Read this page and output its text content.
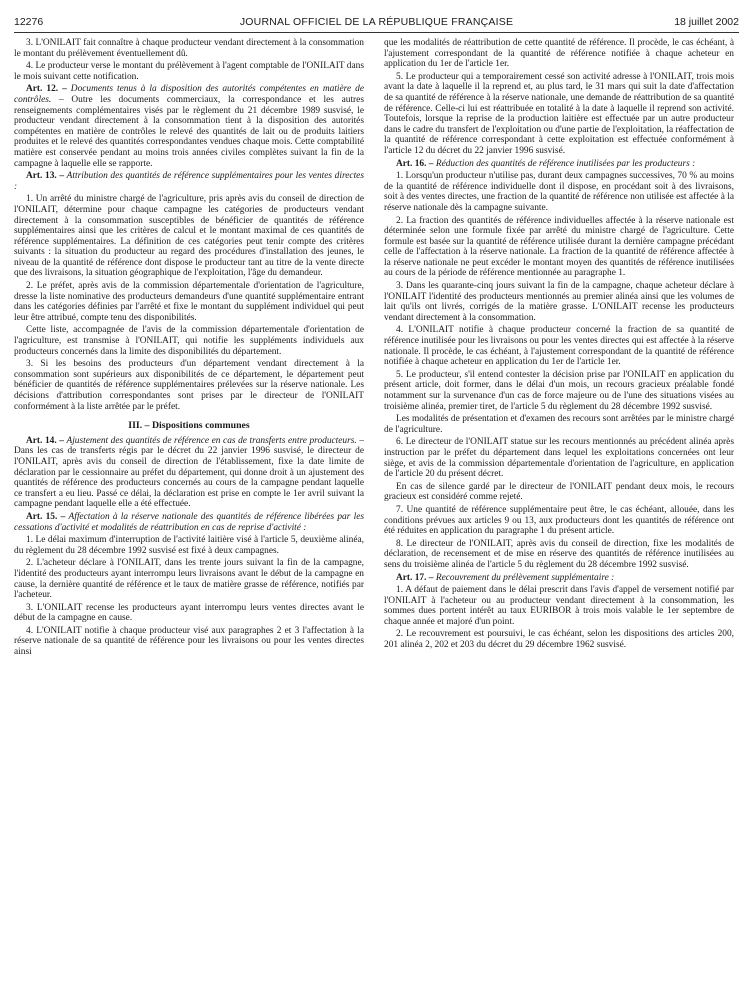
12276	JOURNAL OFFICIEL DE LA RÉPUBLIQUE FRANÇAISE	18 juillet 2002

3. L'ONILAIT fait connaître à chaque producteur vendant directement à la consommation le montant du prélèvement éventuellement dû.

4. Le producteur verse le montant du prélèvement à l'agent comptable de l'ONILAIT dans le mois suivant cette notification.

Art. 12. – Documents tenus à la disposition des autorités compétentes en matière de contrôles. – Outre les documents commerciaux, la correspondance et les autres renseignements complémentaires visés par le règlement du 21 décembre 1989 susvisé, le producteur vendant directement à la consommation tient à la disposition des autorités compétentes en matière de contrôles le relevé des quantités de lait ou de produits laitiers produites et le relevé des quantités correspondantes vendues chaque mois. Cette comptabilité matière est conservée pendant au moins trois années civiles complètes suivant la fin de la campagne à laquelle elle se rapporte.

Art. 13. – Attribution des quantités de référence supplémentaires pour les ventes directes :

1. Un arrêté du ministre chargé de l'agriculture, pris après avis du conseil de direction de l'ONILAIT, détermine pour chaque campagne les catégories de producteurs vendant directement à la consommation susceptibles de bénéficier de quantités de référence supplémentaires ainsi que les critères de calcul et le montant maximal de ces quantités de référence supplémentaires. La définition de ces catégories peut tenir compte des critères suivants : la situation du producteur au regard des procédures d'installation des jeunes, le niveau de la quantité de référence dont dispose le producteur tant au titre de la vente directe que des livraisons, la situation géographique de l'exploitation, l'âge du demandeur.

2. Le préfet, après avis de la commission départementale d'orientation de l'agriculture, dresse la liste nominative des producteurs demandeurs d'une quantité supplémentaire entrant dans les catégories définies par l'arrêté et fixe le montant du supplément individuel qui peut leur être attribué, compte tenu des disponibilités.

Cette liste, accompagnée de l'avis de la commission départementale d'orientation de l'agriculture, est transmise à l'ONILAIT, qui notifie les suppléments individuels aux producteurs concernés dans la limite des disponibilités du département.

3. Si les besoins des producteurs d'un département vendant directement à la consommation sont supérieurs aux disponibilités de ce département, le département peut bénéficier de quantités de référence supplémentaires prélevées sur la réserve nationale. Les décisions d'attribution correspondantes sont prises par le directeur de l'ONILAIT conformément à la liste arrêtée par le préfet.

III. – Dispositions communes

Art. 14. – Ajustement des quantités de référence en cas de transferts entre producteurs. – Dans les cas de transferts régis par le décret du 22 janvier 1996 susvisé, le directeur de l'ONILAIT, après avis du conseil de direction de l'établissement, fixe la date limite de déclaration par le cessionnaire au préfet du département, qui donne droit à un ajustement des quantités de référence des producteurs concernés au cours de la campagne pendant laquelle ce transfert a eu lieu. Passé ce délai, la déclaration est prise en compte le 1er avril suivant la campagne pendant laquelle elle a été effectuée.

Art. 15. – Affectation à la réserve nationale des quantités de référence libérées par les cessations d'activité et modalités de réattribution en cas de reprise d'activité :

1. Le délai maximum d'interruption de l'activité laitière visé à l'article 5, deuxième alinéa, du règlement du 28 décembre 1992 susvisé est fixé à deux campagnes.

2. L'acheteur déclare à l'ONILAIT, dans les trente jours suivant la fin de la campagne, l'identité des producteurs ayant interrompu leurs livraisons avant le début de la campagne en cause, la dernière quantité de référence et le taux de matière grasse de référence, notifiés par l'acheteur.

3. L'ONILAIT recense les producteurs ayant interrompu leurs ventes directes avant le début de la campagne en cause.

4. L'ONILAIT notifie à chaque producteur visé aux paragraphes 2 et 3 l'affectation à la réserve nationale de sa quantité de référence pour les livraisons ou pour les ventes directes ainsi

que les modalités de réattribution de cette quantité de référence. Il procède, le cas échéant, à l'ajustement correspondant de la quantité de référence notifiée à chaque acheteur en application du 1er de l'article 1er.

5. Le producteur qui a temporairement cessé son activité adresse à l'ONILAIT, trois mois avant la date à laquelle il la reprend et, au plus tard, le 31 mars qui suit la date d'affectation de sa quantité de référence à la réserve nationale, une demande de réattribution de sa quantité de référence. Celle-ci lui est réattribuée en totalité à la date à laquelle il reprend son activité. Toutefois, lorsque la reprise de la production laitière est effectuée par un autre producteur dans le cadre du transfert de l'exploitation ou d'une partie de l'exploitation, la réaffectation de la quantité de référence correspondant à cette exploitation est effectuée conformément à l'article 12 du décret du 22 janvier 1996 susvisé.

Art. 16. – Réduction des quantités de référence inutilisées par les producteurs :

1. Lorsqu'un producteur n'utilise pas, durant deux campagnes successives, 70 % au moins de la quantité de référence individuelle dont il dispose, en procédant soit à des livraisons, soit à des ventes directes, une fraction de la quantité de référence non utilisée est affectée à la réserve nationale dès la campagne suivante.

2. La fraction des quantités de référence individuelles affectée à la réserve nationale est déterminée selon une formule fixée par arrêté du ministre chargé de l'agriculture. Cette formule est basée sur la quantité de référence utilisée durant la dernière campagne précédant celle de l'affectation à la réserve nationale. La fraction de la quantité de référence affectée à la réserve nationale ne peut excéder le montant moyen des quantités de référence inutilisées au cours de la période de référence mentionnée au paragraphe 1.

3. Dans les quarante-cinq jours suivant la fin de la campagne, chaque acheteur déclare à l'ONILAIT l'identité des producteurs mentionnés au premier alinéa ainsi que les volumes de lait qu'ils ont livrés, corrigés de la matière grasse. L'ONILAIT recense les producteurs vendant directement à la consommation.

4. L'ONILAIT notifie à chaque producteur concerné la fraction de sa quantité de référence inutilisée pour les livraisons ou pour les ventes directes qui est affectée à la réserve nationale. Il procède, le cas échéant, à l'ajustement correspondant de la quantité de référence notifiée à chaque acheteur en application du 1er de l'article 1er.

5. Le producteur, s'il entend contester la décision prise par l'ONILAIT en application du présent article, doit former, dans le délai d'un mois, un recours gracieux préalable fondé notamment sur la survenance d'un cas de force majeure ou de l'une des situations visées au troisième alinéa, premier tiret, de l'article 5 du règlement du 28 décembre 1992 susvisé.

Les modalités de présentation et d'examen des recours sont arrêtées par le ministre chargé de l'agriculture.

6. Le directeur de l'ONILAIT statue sur les recours mentionnés au précédent alinéa après instruction par le préfet du département dans lequel les exploitations concernées ont leur siège, et avis de la commission départementale d'orientation de l'agriculture, en application de l'article 20 du présent décret.

En cas de silence gardé par le directeur de l'ONILAIT pendant deux mois, le recours gracieux est considéré comme rejeté.

7. Une quantité de référence supplémentaire peut être, le cas échéant, allouée, dans les conditions prévues aux articles 9 ou 13, aux producteurs dont les quantités de référence ont été réduites en application du paragraphe 1 du présent article.

8. Le directeur de l'ONILAIT, après avis du conseil de direction, fixe les modalités de déclaration, de recensement et de mise en réserve des quantités de référence inutilisées au sens du troisième alinéa de l'article 5 du règlement du 28 décembre 1992 susvisé.

Art. 17. – Recouvrement du prélèvement supplémentaire :

1. A défaut de paiement dans le délai prescrit dans l'avis d'appel de versement notifié par l'ONILAIT à l'acheteur ou au producteur vendant directement à la consommation, les sommes dues portent intérêt au taux EURIBOR à trois mois valable le 1er septembre de chaque année et majoré d'un point.

2. Le recouvrement est poursuivi, le cas échéant, selon les dispositions des articles 200, 201 alinéa 2, 202 et 203 du décret du 29 décembre 1962 susvisé.
